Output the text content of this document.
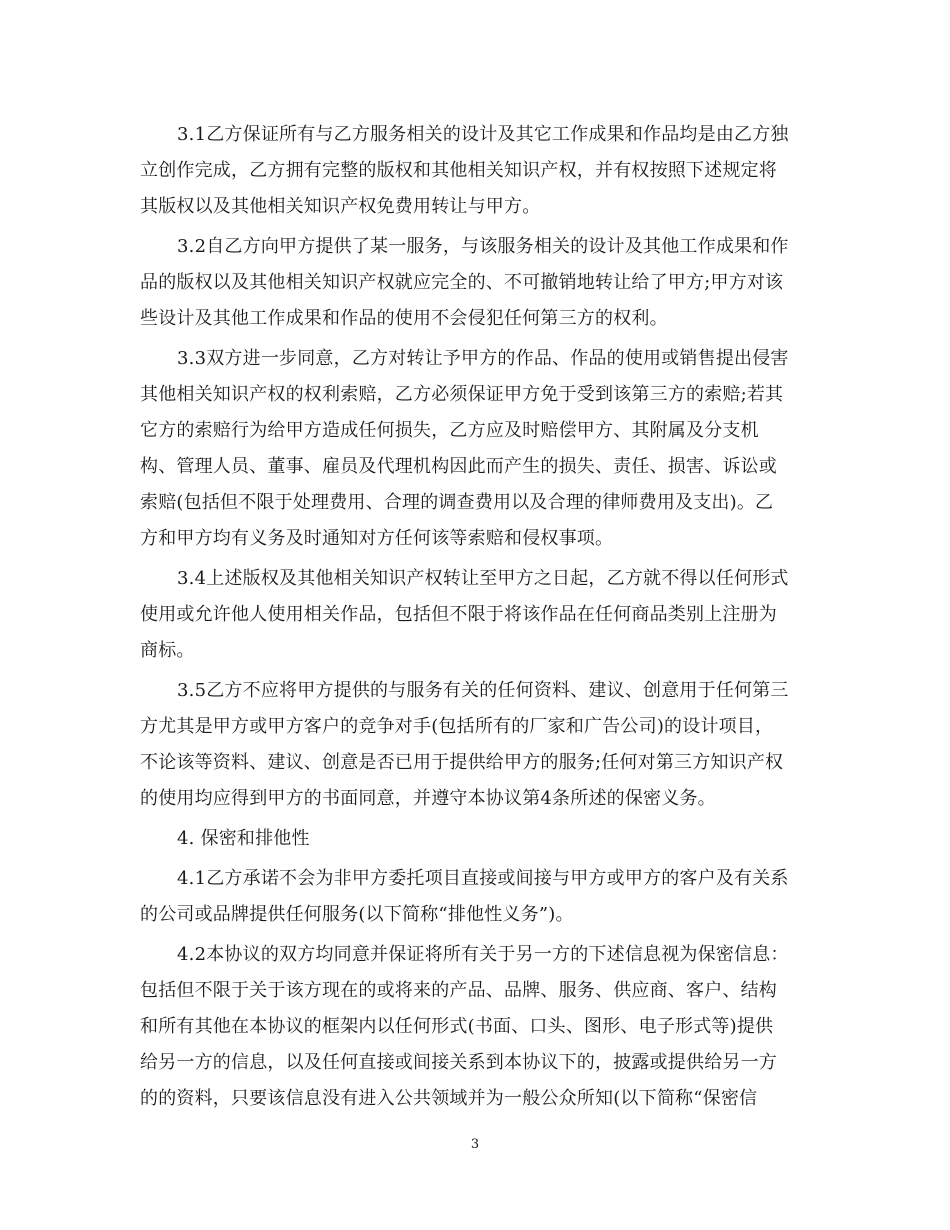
3.1乙方保证所有与乙方服务相关的设计及其它工作成果和作品均是由乙方独
立创作完成，乙方拥有完整的版权和其他相关知识产权，并有权按照下述规定将
其版权以及其他相关知识产权免费用转让与甲方。
3.2自乙方向甲方提供了某一服务，与该服务相关的设计及其他工作成果和作
品的版权以及其他相关知识产权就应完全的、不可撤销地转让给了甲方;甲方对该
些设计及其他工作成果和作品的使用不会侵犯任何第三方的权利。
3.3双方进一步同意，乙方对转让予甲方的作品、作品的使用或销售提出侵害
其他相关知识产权的权利索赔，乙方必须保证甲方免于受到该第三方的索赔;若其
它方的索赔行为给甲方造成任何损失，乙方应及时赔偿甲方、其附属及分支机
构、管理人员、董事、雇员及代理机构因此而产生的损失、责任、损害、诉讼或
索赔(包括但不限于处理费用、合理的调查费用以及合理的律师费用及支出)。乙
方和甲方均有义务及时通知对方任何该等索赔和侵权事项。
3.4上述版权及其他相关知识产权转让至甲方之日起，乙方就不得以任何形式
使用或允许他人使用相关作品，包括但不限于将该作品在任何商品类别上注册为
商标。
3.5乙方不应将甲方提供的与服务有关的任何资料、建议、创意用于任何第三
方尤其是甲方或甲方客户的竞争对手(包括所有的厂家和广告公司)的设计项目，
不论该等资料、建议、创意是否已用于提供给甲方的服务;任何对第三方知识产权
的使用均应得到甲方的书面同意，并遵守本协议第4条所述的保密义务。
4. 保密和排他性
4.1乙方承诺不会为非甲方委托项目直接或间接与甲方或甲方的客户及有关系
的公司或品牌提供任何服务(以下简称“排他性义务”)。
4.2本协议的双方均同意并保证将所有关于另一方的下述信息视为保密信息：
包括但不限于关于该方现在的或将来的产品、品牌、服务、供应商、客户、结构
和所有其他在本协议的框架内以任何形式(书面、口头、图形、电子形式等)提供
给另一方的信息，以及任何直接或间接关系到本协议下的，披露或提供给另一方
的的资料，只要该信息没有进入公共领域并为一般公众所知(以下简称“保密信
3
